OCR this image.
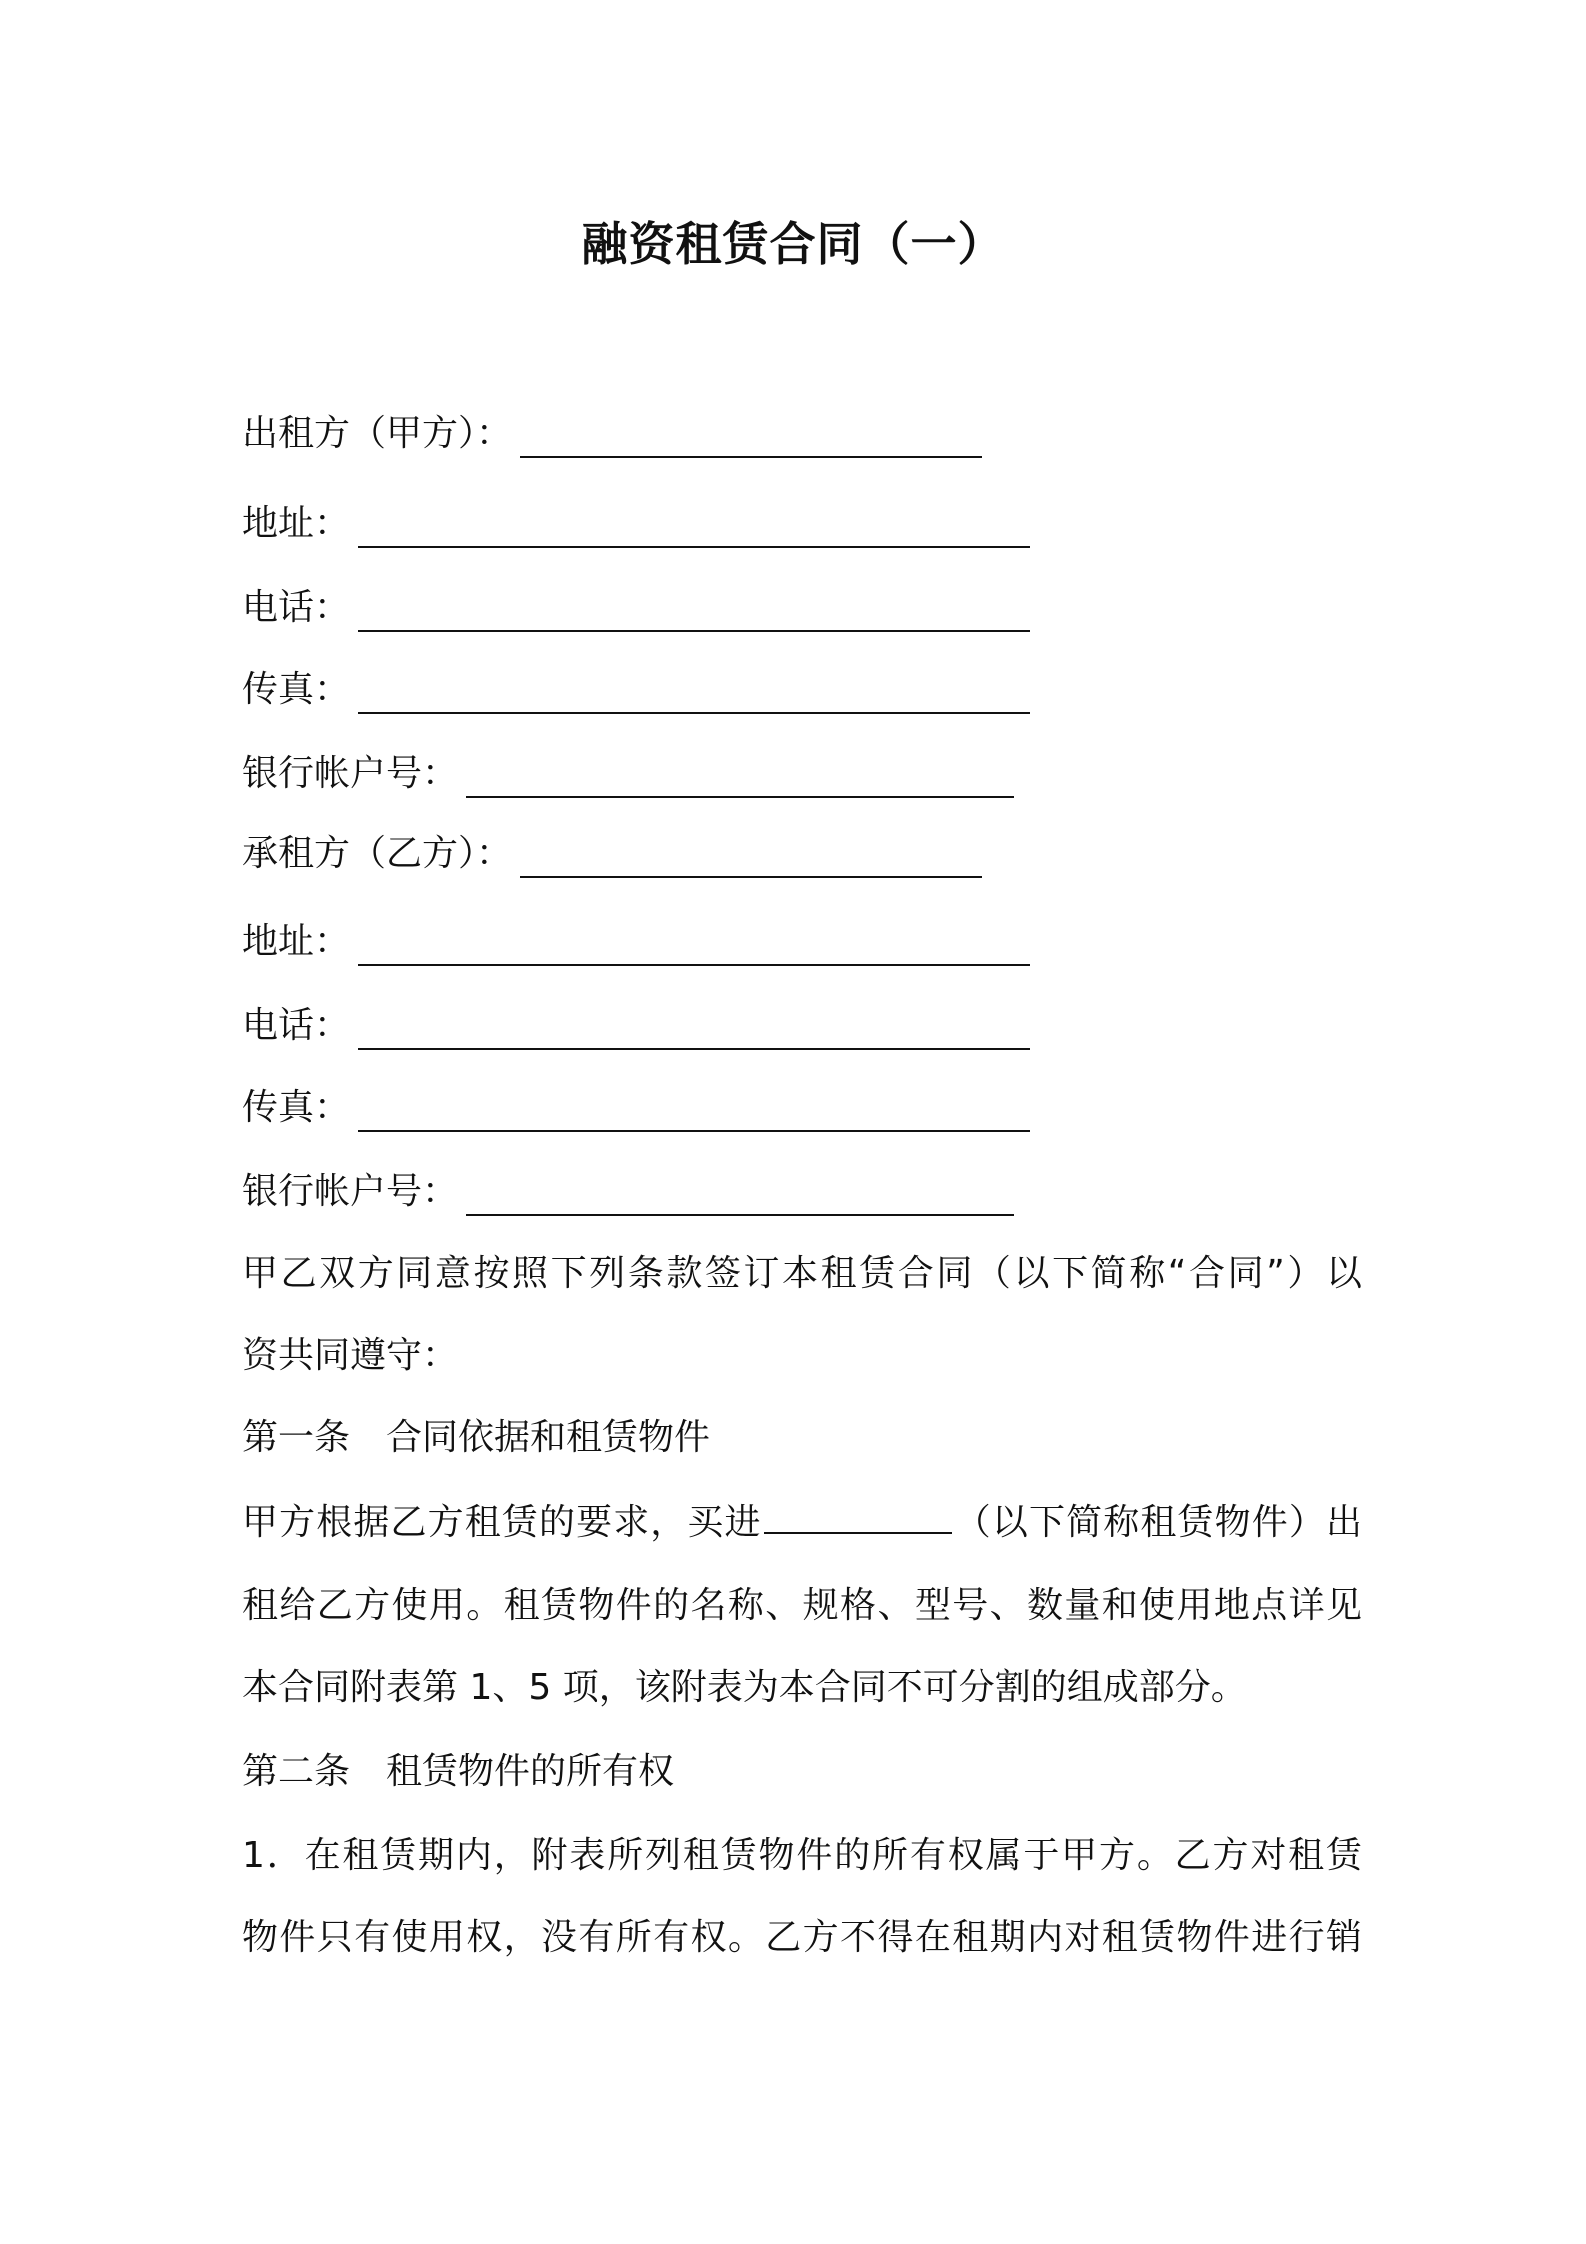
融资租赁合同（一）
出租方（甲方）：
地址：
电话：
传真：
银行帐户号：
承租方（乙方）：
地址：
电话：
传真：
银行帐户号：
甲乙双方同意按照下列条款签订本租赁合同（以下简称“合同”）以
资共同遵守：
第一条 合同依据和租赁物件
甲方根据乙方租赁的要求，买进	（以下简称租赁物件）出
租给乙方使用。租赁物件的名称、规格、型号、数量和使用地点详见
本合同附表第 1、5 项，该附表为本合同不可分割的组成部分。
第二条 租赁物件的所有权
1．在租赁期内，附表所列租赁物件的所有权属于甲方。乙方对租赁
物件只有使用权，没有所有权。乙方不得在租期内对租赁物件进行销
